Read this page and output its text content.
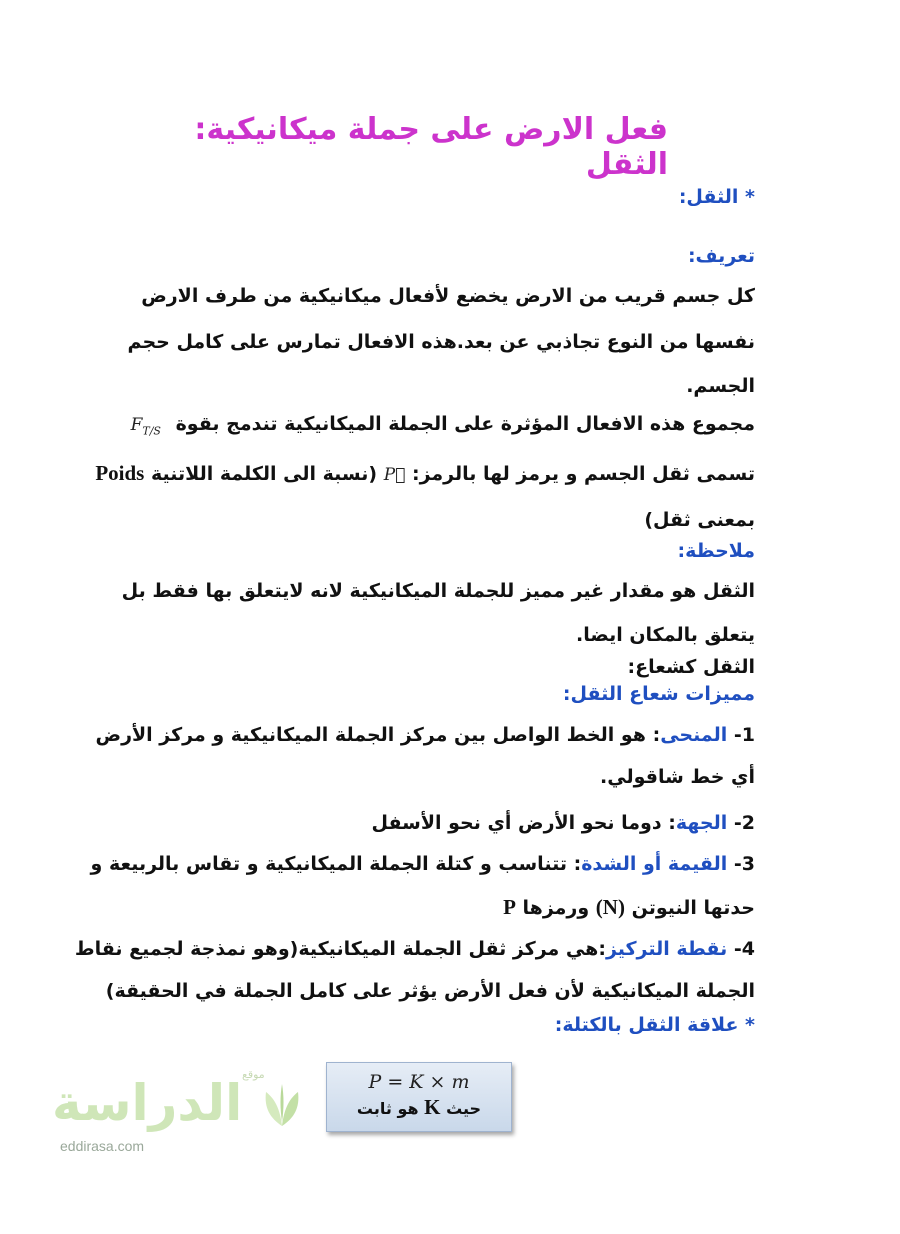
فعل الارض على جملة ميكانيكية: الثقل
* الثقل:
تعريف:
كل جسم قريب من الارض يخضع لأفعال ميكانيكية من طرف الارض
نفسها من النوع تجاذبي عن بعد.هذه الافعال تمارس على كامل حجم
الجسم.
مجموع هذه الافعال المؤثرة على الجملة الميكانيكية تندمج بقوة $F_{T/S}$
تسمى ثقل الجسم و يرمز لها بالرمز: P⃗ (نسبة الى الكلمة اللاتنية Poids
بمعنى ثقل)
ملاحظة:
الثقل هو مقدار غير مميز للجملة الميكانيكية لانه لايتعلق بها فقط بل
يتعلق بالمكان ايضا.
الثقل كشعاع:
مميزات شعاع الثقل:
1- المنحى: هو الخط الواصل بين مركز الجملة الميكانيكية و مركز الأرض
أي خط شاقولي.
2- الجهة: دوما نحو الأرض أي نحو الأسفل
3- القيمة أو الشدة: تتناسب و كتلة الجملة الميكانيكية و تقاس بالربيعة و
حدتها النيوتن (N) ورمزها P
4- نقطة التركيز:هي مركز ثقل الجملة الميكانيكية(وهو نمذجة لجميع نقاط
الجملة الميكانيكية لأن فعل الأرض يؤثر على كامل الجملة في الحقيقة)
* علاقة الثقل بالكتلة:
P = K × m
حيث K هو ثابت
الدراسة موقع
eddirasa.com
